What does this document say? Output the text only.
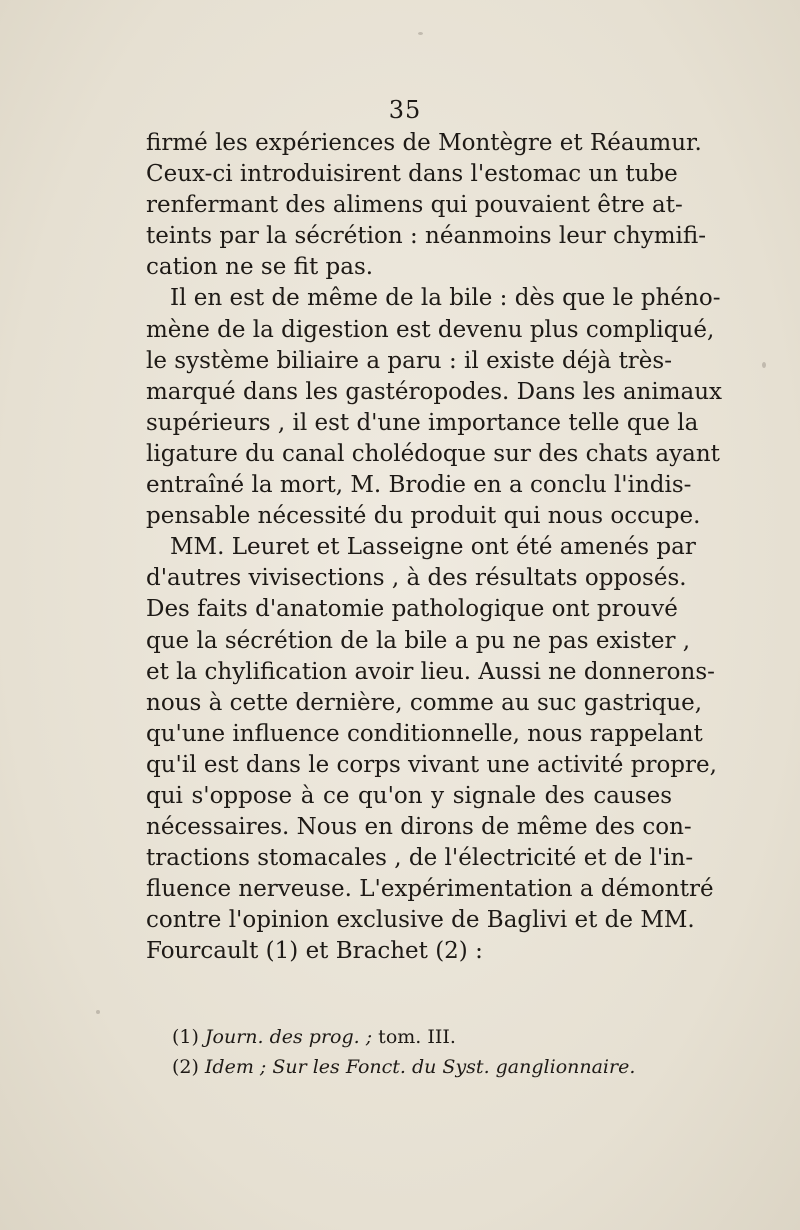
35
firmé les expériences de Montègre et Réaumur.
Ceux-ci introduisirent dans l'estomac un tube
renfermant des alimens qui pouvaient être at-
teints par la sécrétion : néanmoins leur chymifi-
cation ne se fit pas.
Il en est de même de la bile : dès que le phéno-
mène de la digestion est devenu plus compliqué,
le système biliaire a paru : il existe déjà très-
marqué dans les gastéropodes. Dans les animaux
supérieurs , il est d'une importance telle que la
ligature du canal cholédoque sur des chats ayant
entraîné la mort, M. Brodie en a conclu l'indis-
pensable nécessité du produit qui nous occupe.
MM. Leuret et Lasseigne ont été amenés par
d'autres vivisections , à des résultats opposés.
Des faits d'anatomie pathologique ont prouvé
que la sécrétion de la bile a pu ne pas exister ,
et la chylification avoir lieu. Aussi ne donnerons-
nous à cette dernière, comme au suc gastrique,
qu'une influence conditionnelle, nous rappelant
qu'il est dans le corps vivant une activité propre,
qui s'oppose à ce qu'on y signale des causes
nécessaires. Nous en dirons de même des con-
tractions stomacales , de l'électricité et de l'in-
fluence nerveuse. L'expérimentation a démontré
contre l'opinion exclusive de Baglivi et de MM.
Fourcault (1) et Brachet (2) :
(1) Journ. des prog. ; tom. III.
(2) Idem ; Sur les Fonct. du Syst. ganglionnaire.
